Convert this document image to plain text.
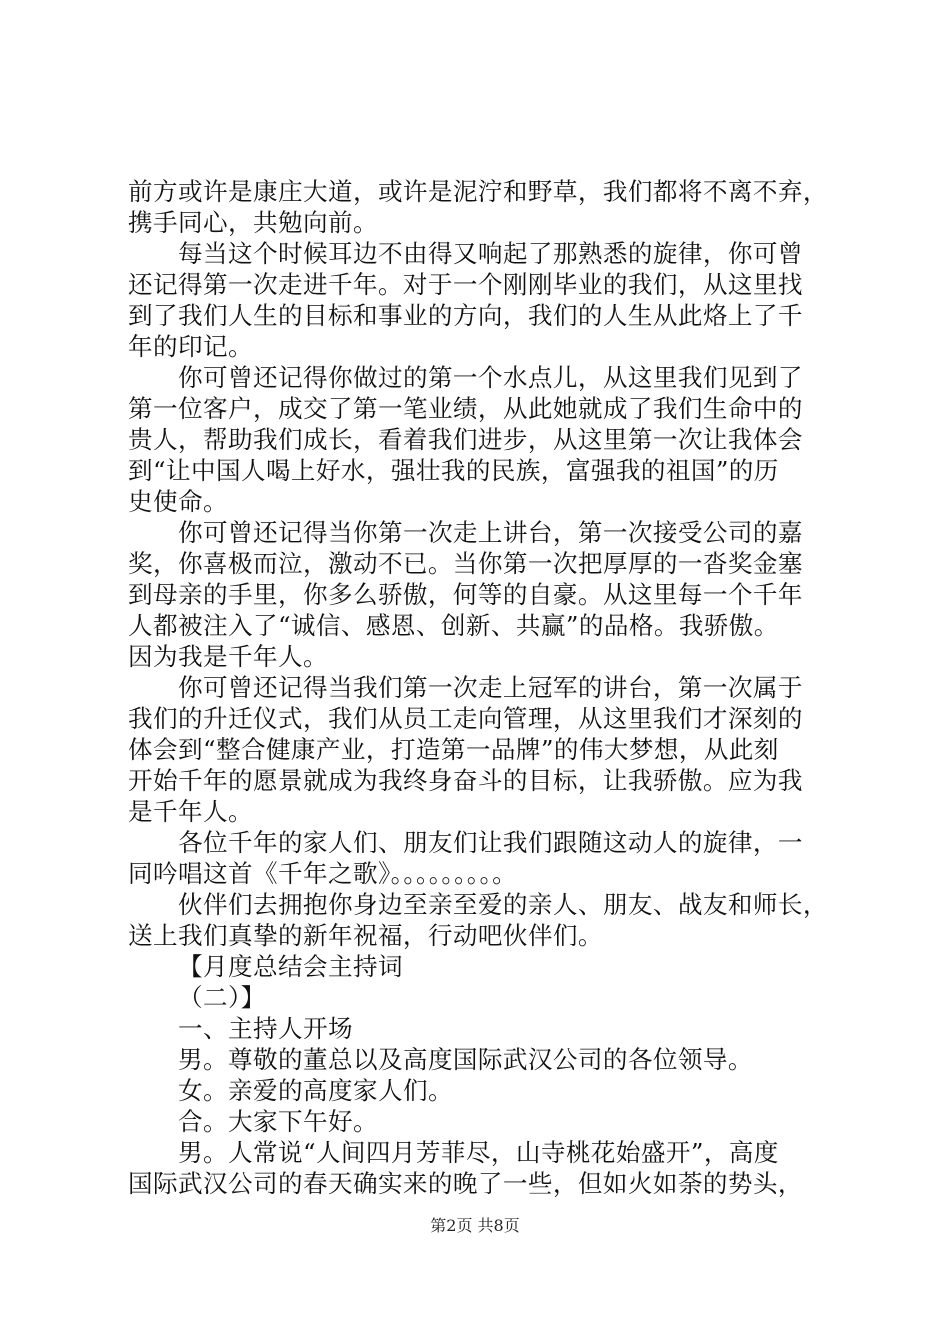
前方或许是康庄大道，或许是泥泞和野草，我们都将不离不弃，
携手同心，共勉向前。
每当这个时候耳边不由得又响起了那熟悉的旋律，你可曾
还记得第一次走进千年。对于一个刚刚毕业的我们，从这里找
到了我们人生的目标和事业的方向，我们的人生从此烙上了千
年的印记。
你可曾还记得你做过的第一个水点儿，从这里我们见到了
第一位客户，成交了第一笔业绩，从此她就成了我们生命中的
贵人，帮助我们成长，看着我们进步，从这里第一次让我体会
到“让中国人喝上好水，强壮我的民族，富强我的祖国”的历
史使命。
你可曾还记得当你第一次走上讲台，第一次接受公司的嘉
奖，你喜极而泣，激动不已。当你第一次把厚厚的一沓奖金塞
到母亲的手里，你多么骄傲，何等的自豪。从这里每一个千年
人都被注入了“诚信、感恩、创新、共赢”的品格。我骄傲。
因为我是千年人。
你可曾还记得当我们第一次走上冠军的讲台，第一次属于
我们的升迁仪式，我们从员工走向管理，从这里我们才深刻的
体会到“整合健康产业，打造第一品牌”的伟大梦想，从此刻
开始千年的愿景就成为我终身奋斗的目标，让我骄傲。应为我
是千年人。
各位千年的家人们、朋友们让我们跟随这动人的旋律，一
同吟唱这首《千年之歌》。。。。。。。。。
伙伴们去拥抱你身边至亲至爱的亲人、朋友、战友和师长，
送上我们真挚的新年祝福，行动吧伙伴们。
【月度总结会主持词
（二）】
一、主持人开场
男。尊敬的董总以及高度国际武汉公司的各位领导。
女。亲爱的高度家人们。
合。大家下午好。
男。人常说“人间四月芳菲尽，山寺桃花始盛开”，高度
国际武汉公司的春天确实来的晚了一些，但如火如荼的势头，
第2页 共8页
